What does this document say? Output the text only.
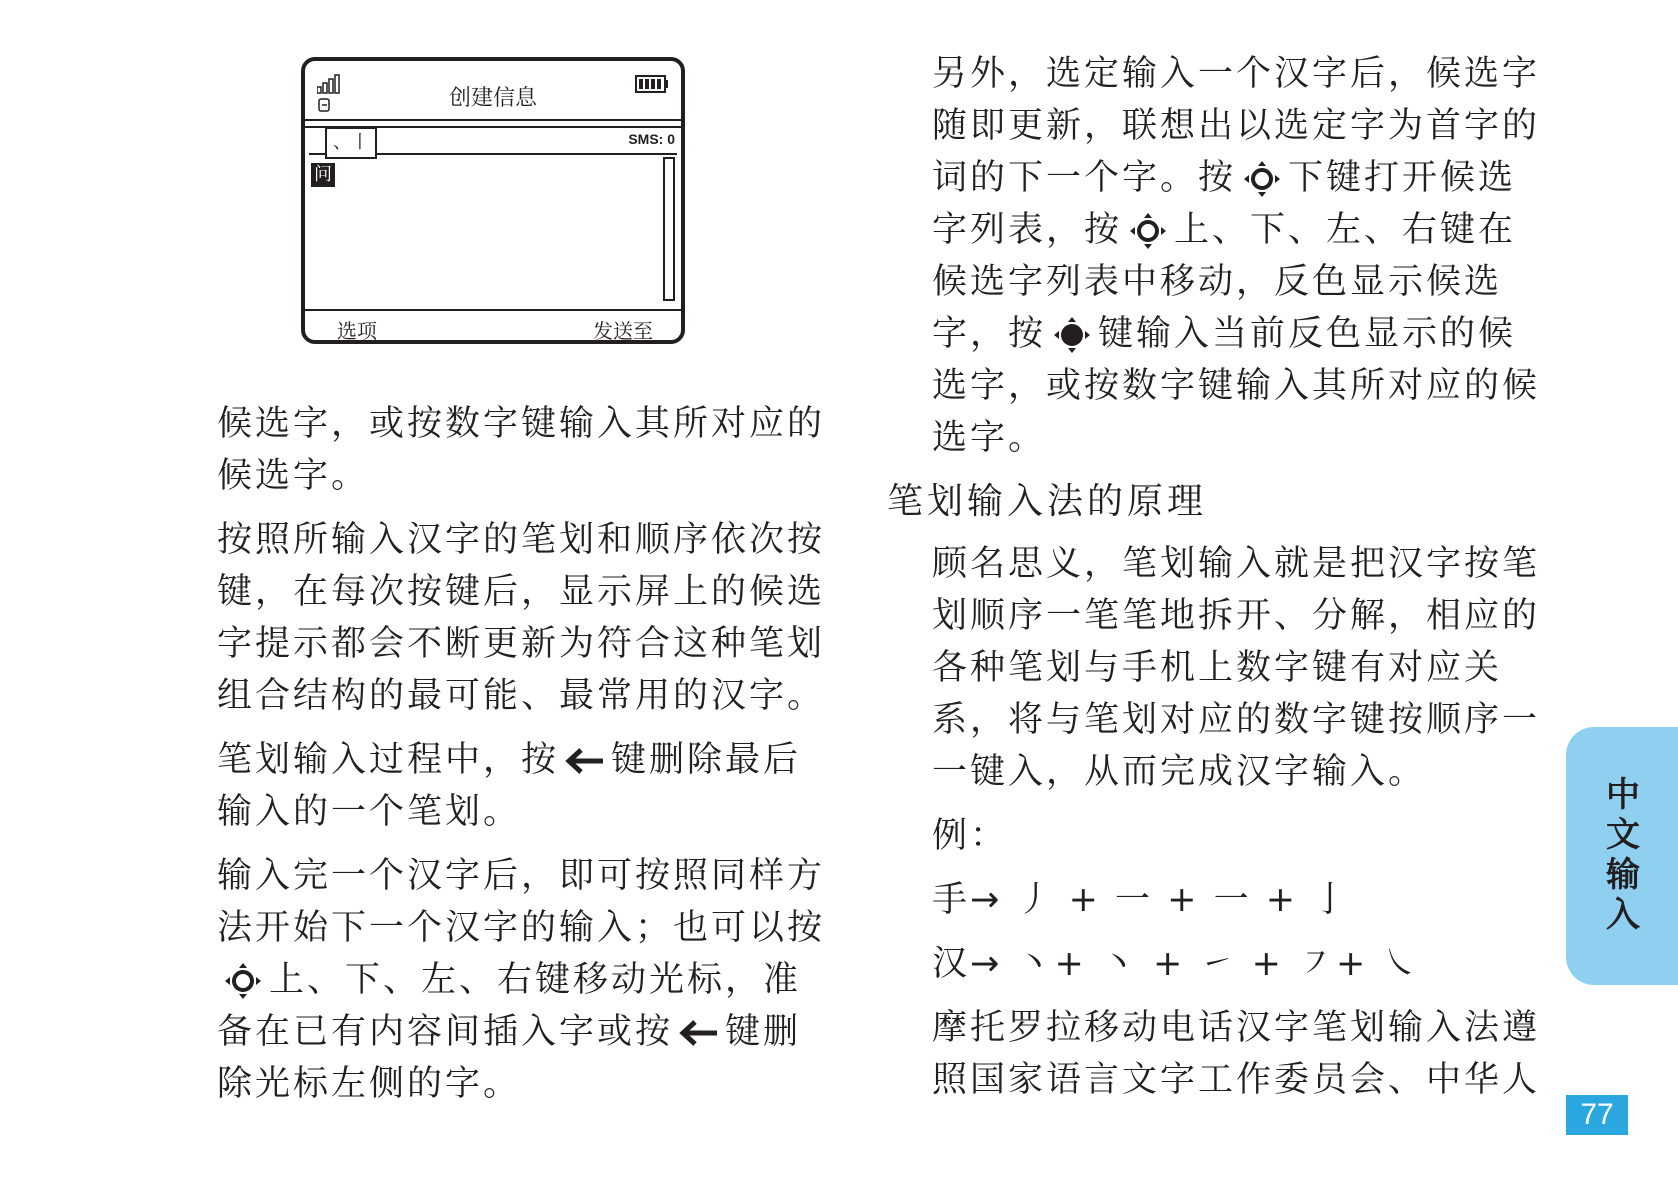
创建信息
、丨	SMS: 0
问
选项	发送至

候选字，或按数字键输入其所对应的候选字。

按照所输入汉字的笔划和顺序依次按键，在每次按键后，显示屏上的候选字提示都会不断更新为符合这种笔划组合结构的最可能、最常用的汉字。

笔划输入过程中，按 键删除最后输入的一个笔划。

输入完一个汉字后，即可按照同样方法开始下一个汉字的输入；也可以按上、下、左、右键移动光标，准备在已有内容间插入字或按 键删除光标左侧的字。

另外，选定输入一个汉字后，候选字随即更新，联想出以选定字为首字的词的下一个字。按 下键打开候选字列表，按 上、下、左、右键在候选字列表中移动，反色显示候选字，按 键输入当前反色显示的候选字，或按数字键输入其所对应的候选字。

笔划输入法的原理

顾名思义，笔划输入就是把汉字按笔划顺序一笔笔地拆开、分解，相应的各种笔划与手机上数字键有对应关系，将与笔划对应的数字键按顺序一一键入，从而完成汉字输入。

例：

手→ 丿 + 一 + 一 + 亅

汉→ 丶+ 丶 + ㇀ + ㇇+ ㇏

摩托罗拉移动电话汉字笔划输入法遵照国家语言文字工作委员会、中华人

中文输入
77
